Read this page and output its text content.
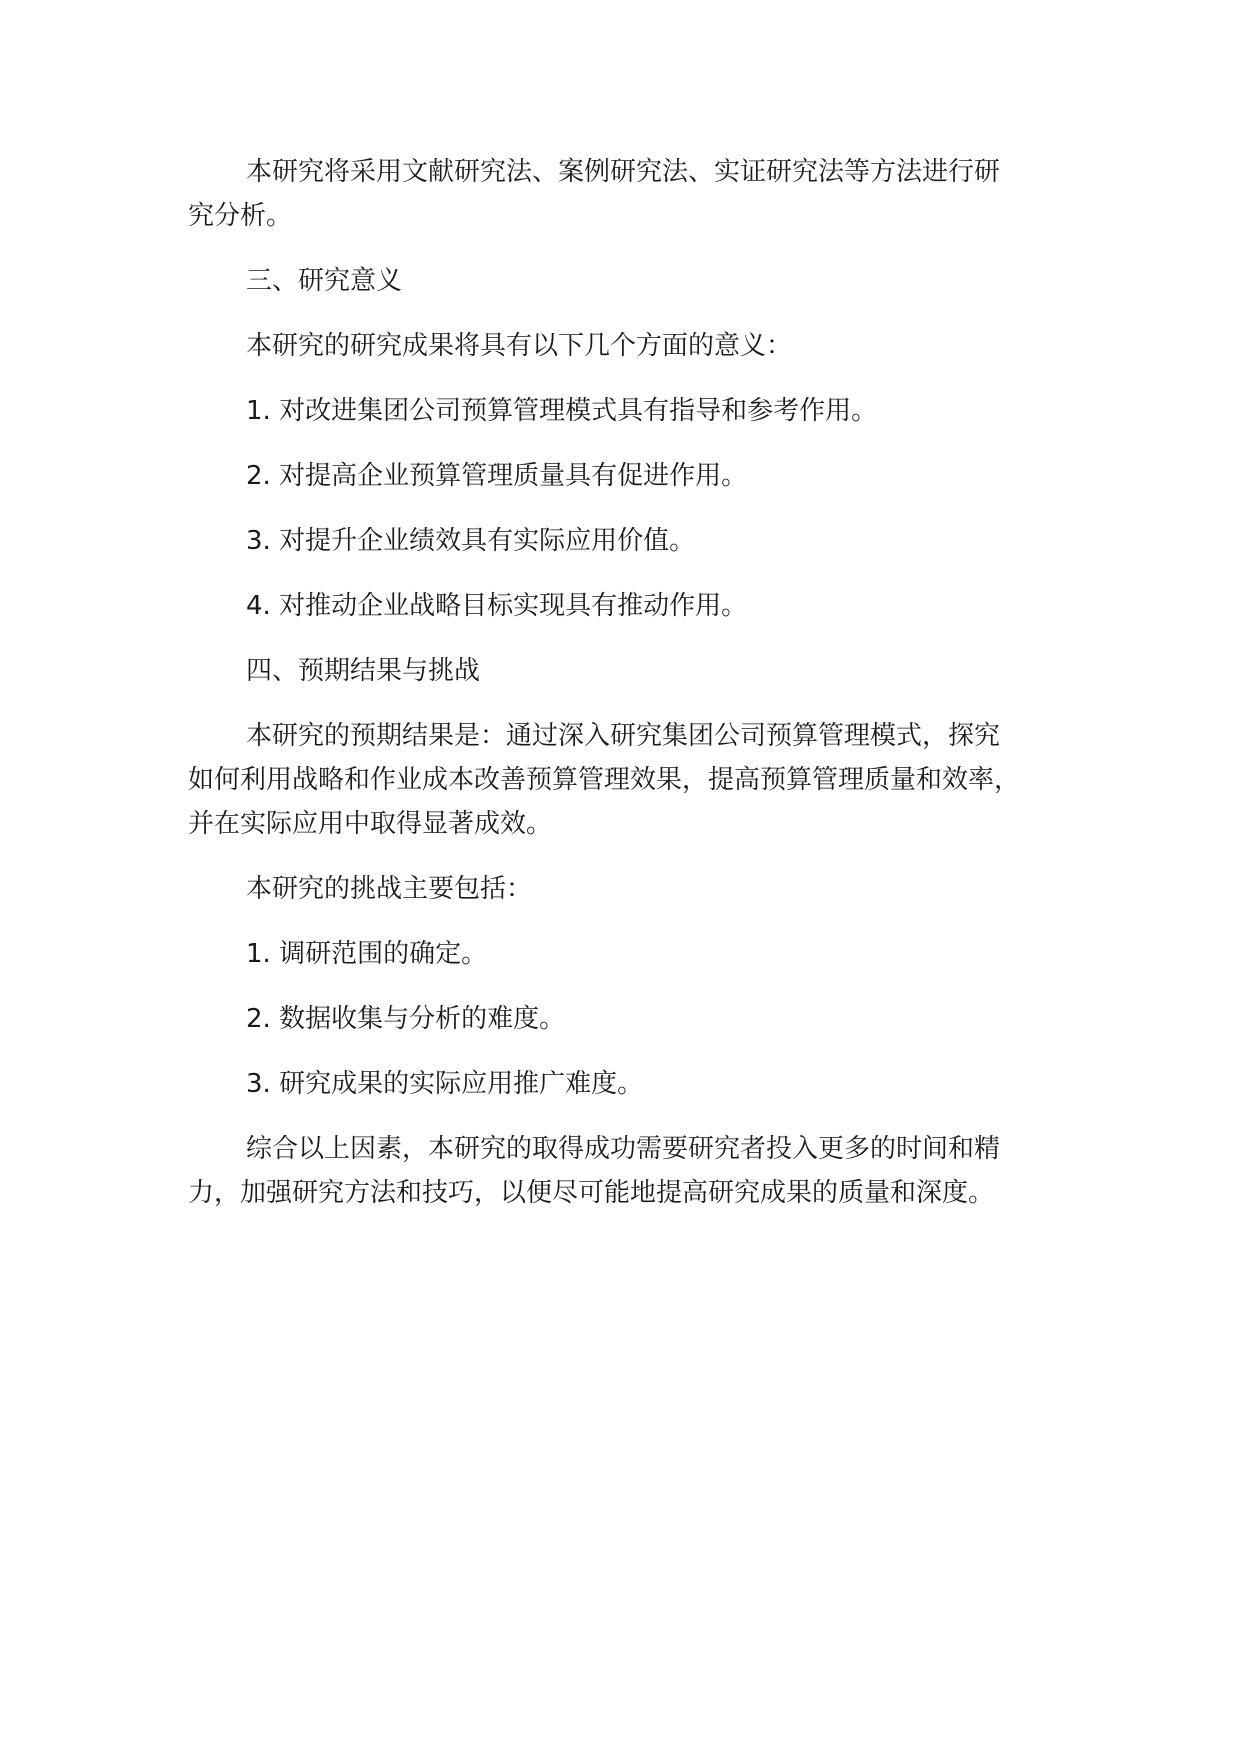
本研究将采用文献研究法、案例研究法、实证研究法等方法进行研
究分析。

三、研究意义

本研究的研究成果将具有以下几个方面的意义：

1. 对改进集团公司预算管理模式具有指导和参考作用。

2. 对提高企业预算管理质量具有促进作用。

3. 对提升企业绩效具有实际应用价值。

4. 对推动企业战略目标实现具有推动作用。

四、预期结果与挑战

本研究的预期结果是：通过深入研究集团公司预算管理模式，探究
如何利用战略和作业成本改善预算管理效果，提高预算管理质量和效率，
并在实际应用中取得显著成效。

本研究的挑战主要包括：

1. 调研范围的确定。

2. 数据收集与分析的难度。

3. 研究成果的实际应用推广难度。

综合以上因素，本研究的取得成功需要研究者投入更多的时间和精
力，加强研究方法和技巧，以便尽可能地提高研究成果的质量和深度。
